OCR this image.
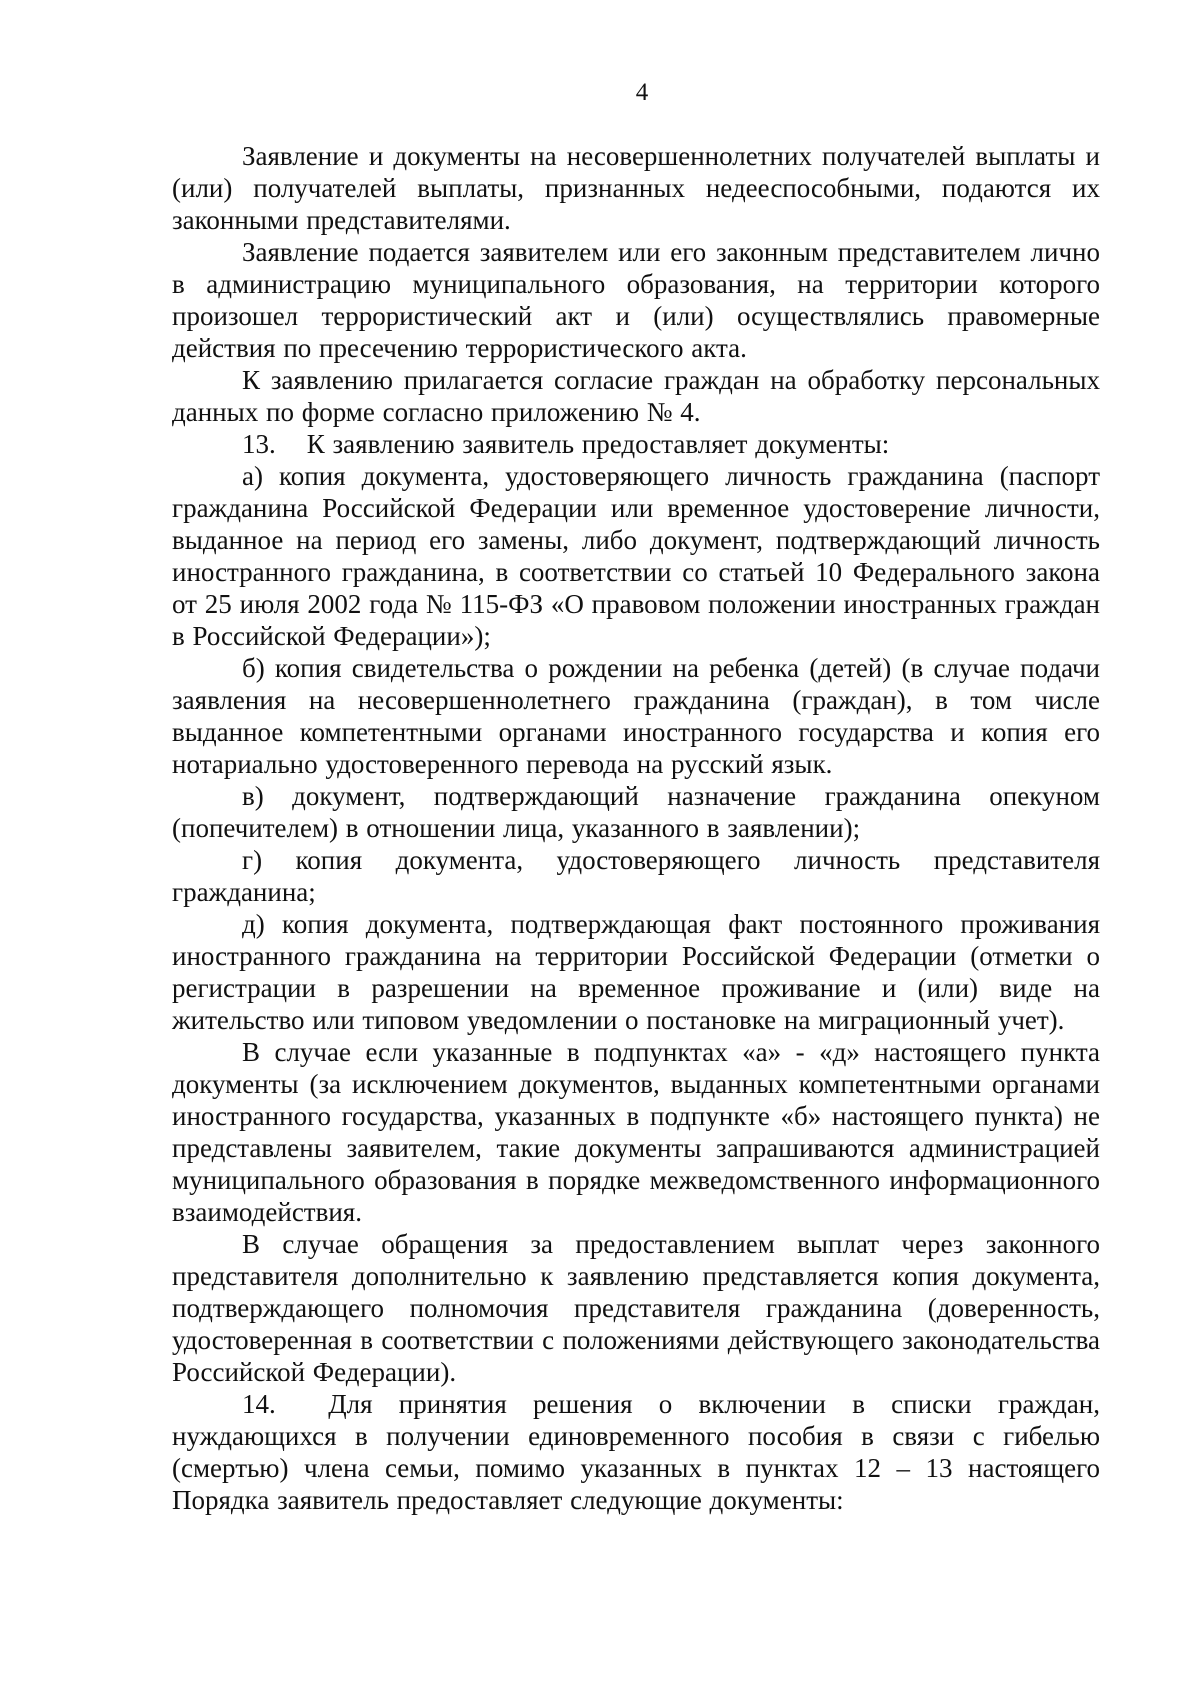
4

Заявление и документы на несовершеннолетних получателей выплаты и (или) получателей выплаты, признанных недееспособными, подаются их законными представителями.

Заявление подается заявителем или его законным представителем лично в администрацию муниципального образования, на территории которого произошел террористический акт и (или) осуществлялись правомерные действия по пресечению террористического акта.

К заявлению прилагается согласие граждан на обработку персональных данных по форме согласно приложению № 4.

13.    К заявлению заявитель предоставляет документы:

а) копия документа, удостоверяющего личность гражданина (паспорт гражданина Российской Федерации или временное удостоверение личности, выданное на период его замены, либо документ, подтверждающий личность иностранного гражданина, в соответствии со статьей 10 Федерального закона от 25 июля 2002 года № 115-ФЗ «О правовом положении иностранных граждан в Российской Федерации»);

б) копия свидетельства о рождении на ребенка (детей) (в случае подачи заявления на несовершеннолетнего гражданина (граждан), в том числе выданное компетентными органами иностранного государства и копия его нотариально удостоверенного перевода на русский язык.

в) документ, подтверждающий назначение гражданина опекуном (попечителем) в отношении лица, указанного в заявлении);

г) копия документа, удостоверяющего личность представителя гражданина;

д) копия документа, подтверждающая факт постоянного проживания иностранного гражданина на территории Российской Федерации (отметки о регистрации в разрешении на временное проживание и (или) виде на жительство или типовом уведомлении о постановке на миграционный учет).

В случае если указанные в подпунктах «а» - «д» настоящего пункта документы (за исключением документов, выданных компетентными органами иностранного государства, указанных в подпункте «б» настоящего пункта) не представлены заявителем, такие документы запрашиваются администрацией муниципального образования в порядке межведомственного информационного взаимодействия.

В случае обращения за предоставлением выплат через законного представителя дополнительно к заявлению представляется копия документа, подтверждающего полномочия представителя гражданина (доверенность, удостоверенная в соответствии с положениями действующего законодательства Российской Федерации).

14.  Для принятия решения о включении в списки граждан, нуждающихся в получении единовременного пособия в связи с гибелью (смертью) члена семьи, помимо указанных в пунктах 12 – 13 настоящего Порядка заявитель предоставляет следующие документы:
